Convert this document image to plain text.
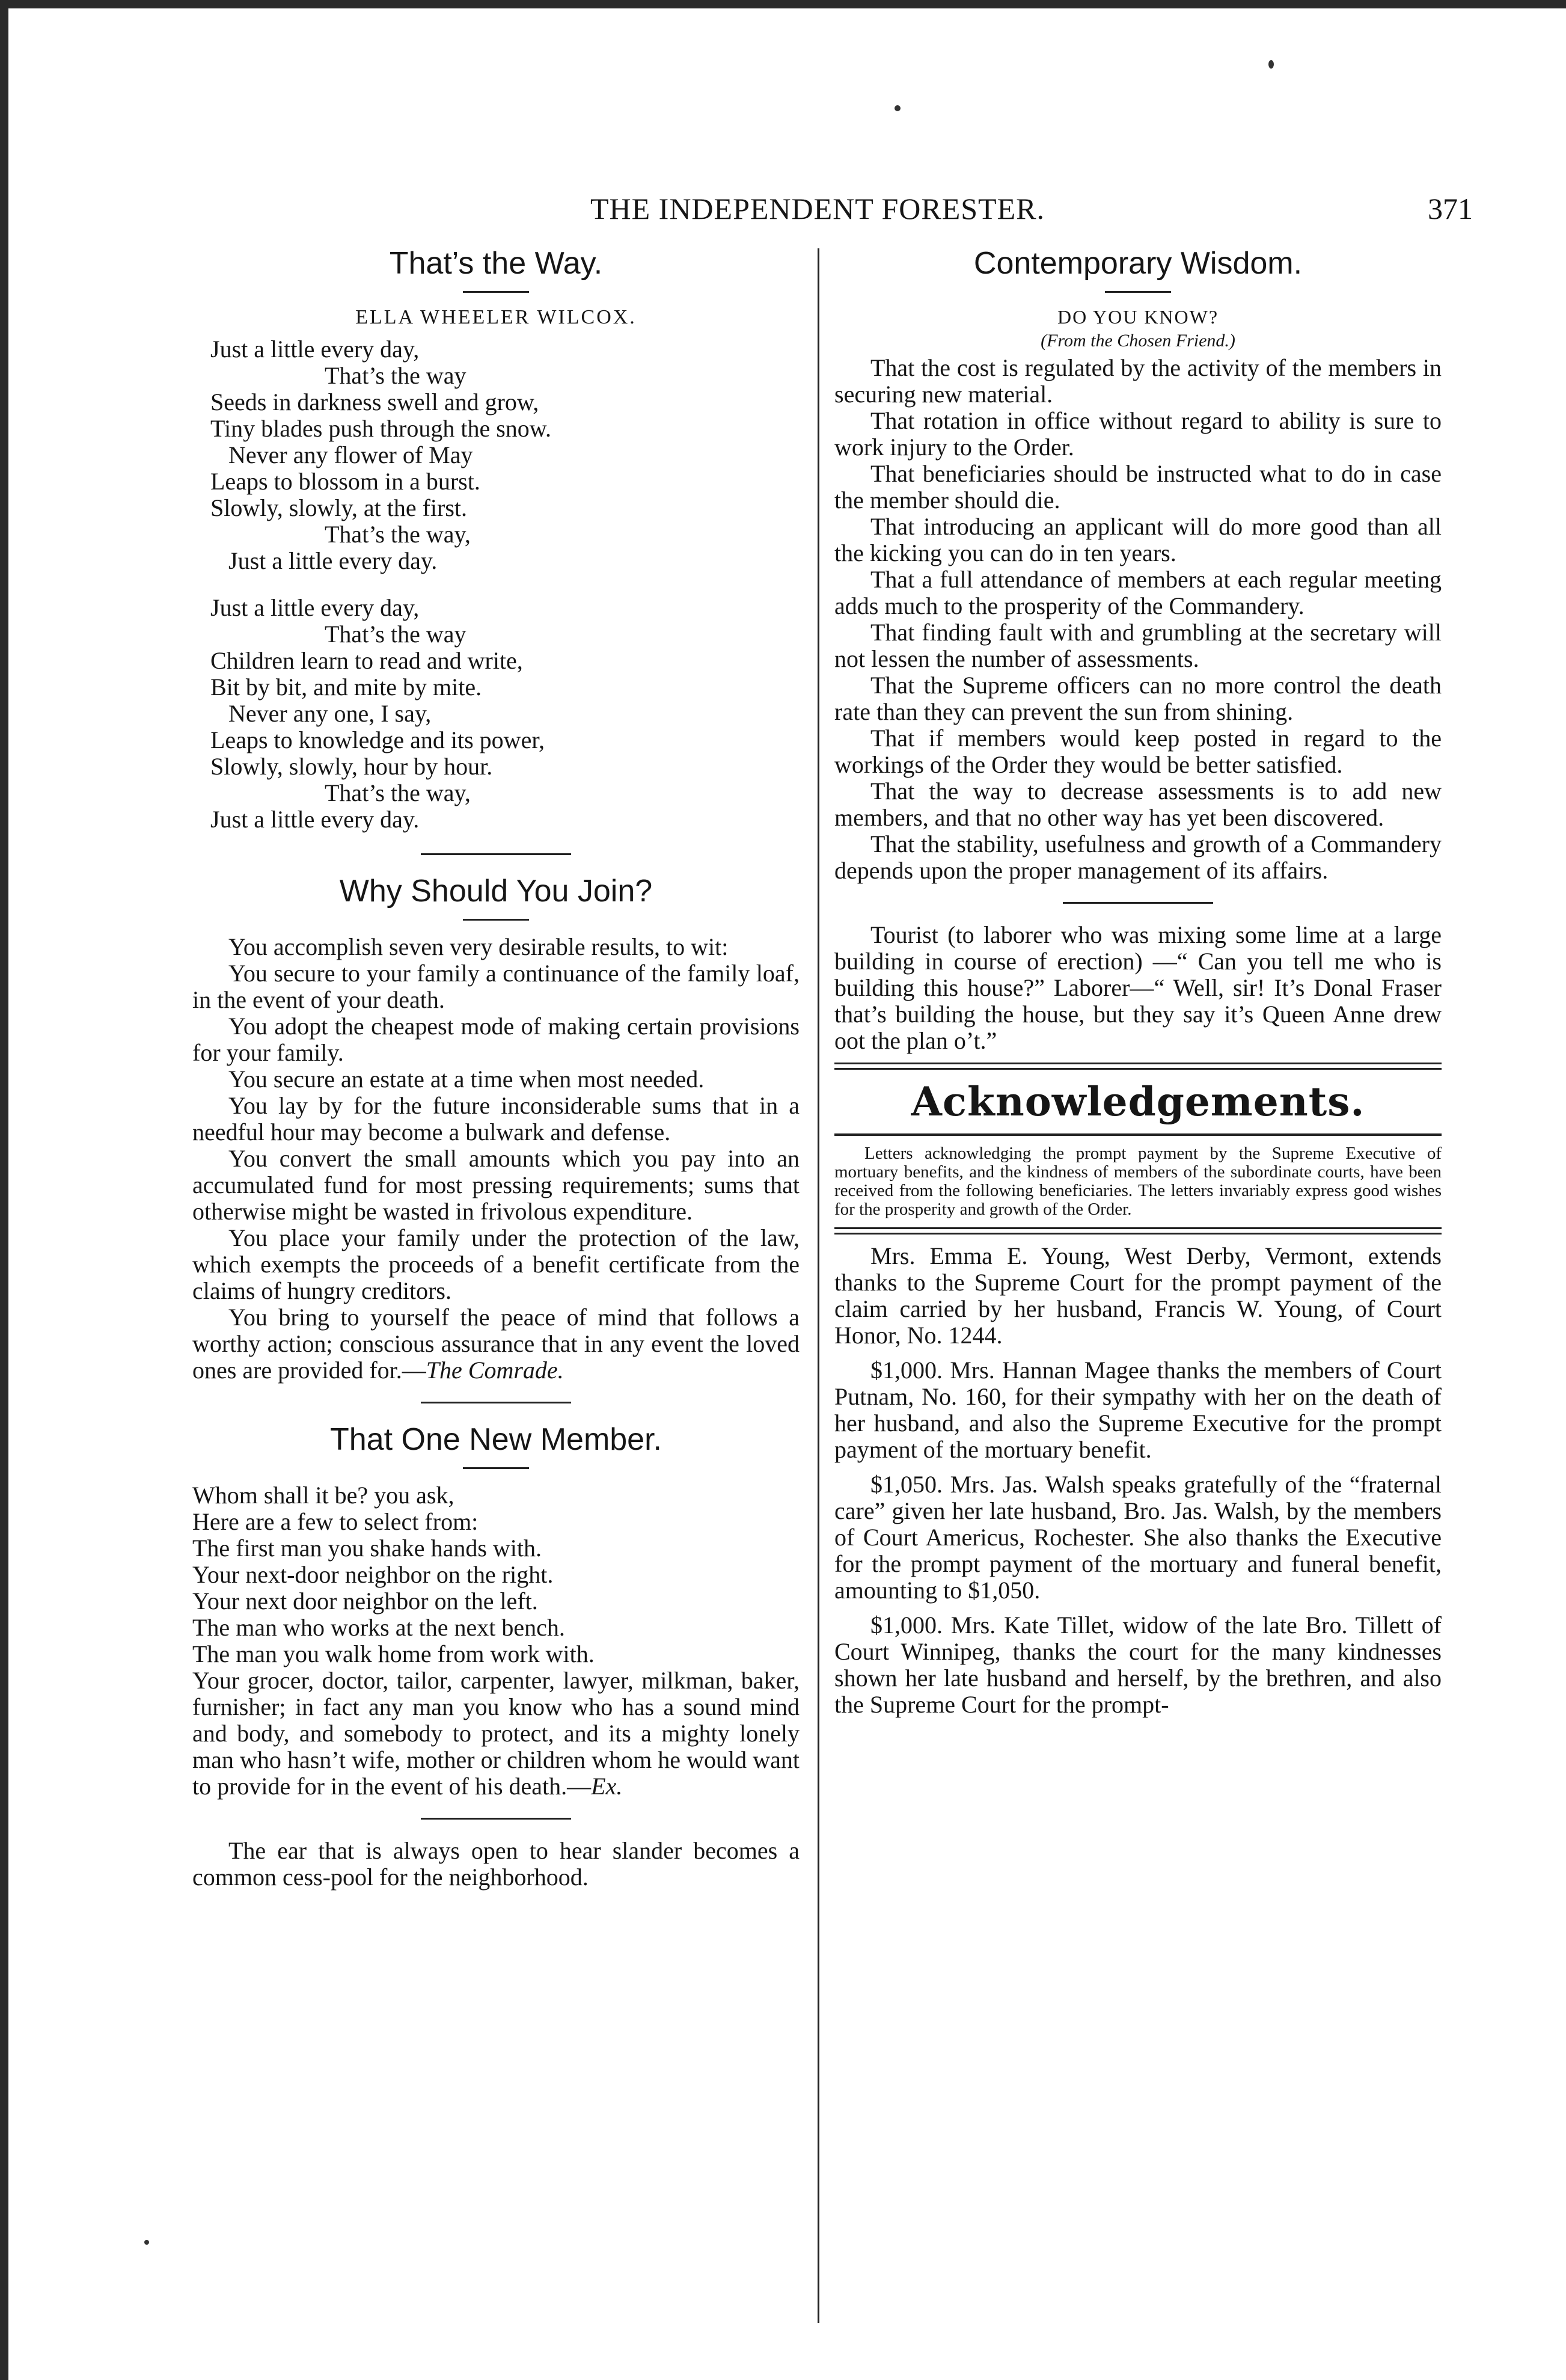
THE INDEPENDENT FORESTER.	371
That’s the Way.
ELLA WHEELER WILCOX.
Just a little every day,
That’s the way
Seeds in darkness swell and grow,
Tiny blades push through the snow.
Never any flower of May
Leaps to blossom in a burst.
Slowly, slowly, at the first.
That’s the way,
Just a little every day.
Just a little every day,
That’s the way
Children learn to read and write,
Bit by bit, and mite by mite.
Never any one, I say,
Leaps to knowledge and its power,
Slowly, slowly, hour by hour.
That’s the way,
Just a little every day.
Why Should You Join?
You accomplish seven very desirable results, to wit:
You secure to your family a continuance of the family loaf, in the event of your death.
You adopt the cheapest mode of making certain provisions for your family.
You secure an estate at a time when most needed.
You lay by for the future inconsiderable sums that in a needful hour may become a bulwark and defense.
You convert the small amounts which you pay into an accumulated fund for most pressing requirements; sums that otherwise might be wasted in frivolous expenditure.
You place your family under the protection of the law, which exempts the proceeds of a benefit certificate from the claims of hungry creditors.
You bring to yourself the peace of mind that follows a worthy action; conscious assurance that in any event the loved ones are provided for.—The Comrade.
That One New Member.
Whom shall it be? you ask,
Here are a few to select from:
The first man you shake hands with.
Your next-door neighbor on the right.
Your next door neighbor on the left.
The man who works at the next bench.
The man you walk home from work with.
Your grocer, doctor, tailor, carpenter, lawyer, milkman, baker, furnisher; in fact any man you know who has a sound mind and body, and somebody to protect, and its a mighty lonely man who hasn’t wife, mother or children whom he would want to provide for in the event of his death.—Ex.
The ear that is always open to hear slander becomes a common cess-pool for the neighborhood.
Contemporary Wisdom.
DO YOU KNOW?
(From the Chosen Friend.)
That the cost is regulated by the activity of the members in securing new material.
That rotation in office without regard to ability is sure to work injury to the Order.
That beneficiaries should be instructed what to do in case the member should die.
That introducing an applicant will do more good than all the kicking you can do in ten years.
That a full attendance of members at each regular meeting adds much to the prosperity of the Commandery.
That finding fault with and grumbling at the secretary will not lessen the number of assessments.
That the Supreme officers can no more control the death rate than they can prevent the sun from shining.
That if members would keep posted in regard to the workings of the Order they would be better satisfied.
That the way to decrease assessments is to add new members, and that no other way has yet been discovered.
That the stability, usefulness and growth of a Commandery depends upon the proper management of its affairs.
Tourist (to laborer who was mixing some lime at a large building in course of erection) —“ Can you tell me who is building this house?” Laborer—“ Well, sir! It’s Donal Fraser that’s building the house, but they say it’s Queen Anne drew oot the plan o’t.”
Acknowledgements.

Letters acknowledging the prompt payment by the Supreme Executive of mortuary benefits, and the kindness of members of the subordinate courts, have been received from the following beneficiaries. The letters invariably express good wishes for the prosperity and growth of the Order.

Mrs. Emma E. Young, West Derby, Vermont, extends thanks to the Supreme Court for the prompt payment of the claim carried by her husband, Francis W. Young, of Court Honor, No. 1244.
$1,000. Mrs. Hannan Magee thanks the members of Court Putnam, No. 160, for their sympathy with her on the death of her husband, and also the Supreme Executive for the prompt payment of the mortuary benefit.
$1,050. Mrs. Jas. Walsh speaks gratefully of the “fraternal care” given her late husband, Bro. Jas. Walsh, by the members of Court Americus, Rochester. She also thanks the Executive for the prompt payment of the mortuary and funeral benefit, amounting to $1,050.
$1,000. Mrs. Kate Tillet, widow of the late Bro. Tillett of Court Winnipeg, thanks the court for the many kindnesses shown her late husband and herself, by the brethren, and also the Supreme Court for the prompt-
